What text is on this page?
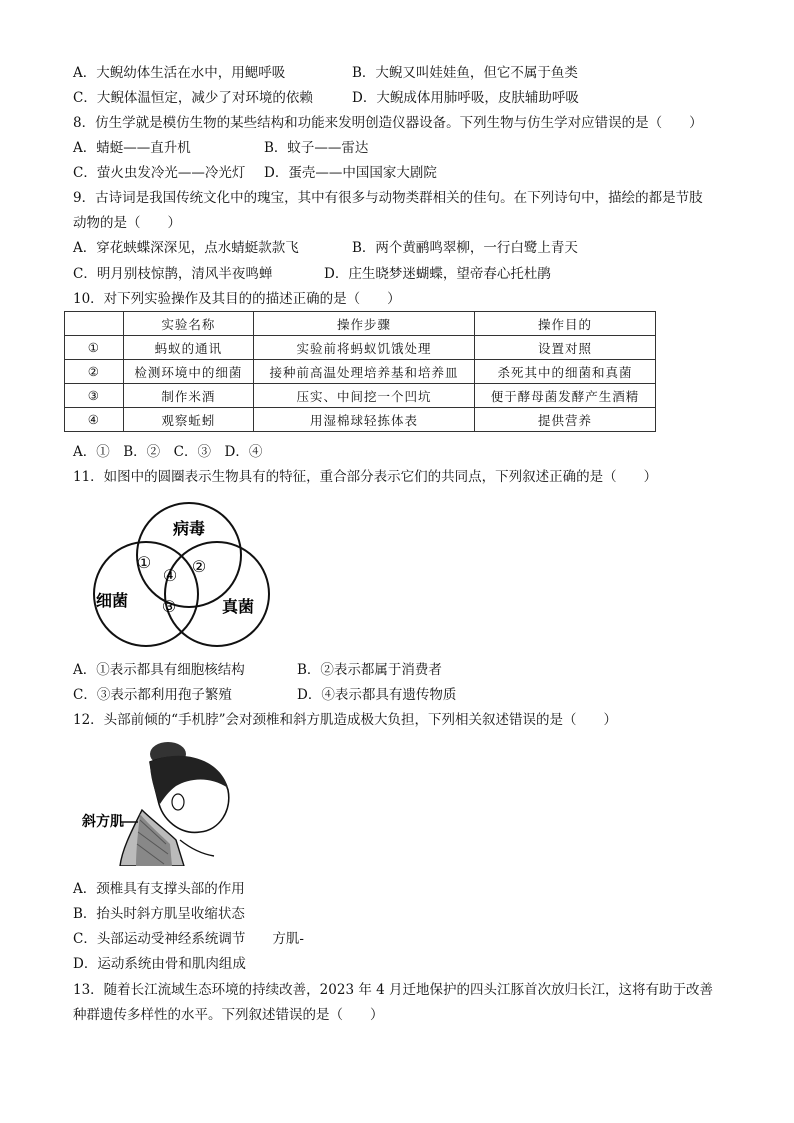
A．大鲵幼体生活在水中，用鳃呼吸	B．大鲵又叫娃娃鱼，但它不属于鱼类
C．大鲵体温恒定，减少了对环境的依赖	D．大鲵成体用肺呼吸，皮肤辅助呼吸
8．仿生学就是模仿生物的某些结构和功能来发明创造仪器设备。下列生物与仿生学对应错误的是（　　）
A．蜻蜓——直升机	B．蚊子——雷达
C．萤火虫发冷光——冷光灯 D．蛋壳——中国国家大剧院
9．古诗词是我国传统文化中的瑰宝，其中有很多与动物类群相关的佳句。在下列诗句中，描绘的都是节肢
动物的是（　　）
A．穿花蛱蝶深深见，点水蜻蜓款款飞	B．两个黄鹂鸣翠柳，一行白鹭上青天
C．明月别枝惊鹊，清风半夜鸣蝉	D．庄生晓梦迷蝴蝶，望帝春心托杜鹃
10．对下列实验操作及其目的的描述正确的是（　　）
	实验名称	操作步骤	操作目的
①	蚂蚁的通讯	实验前将蚂蚁饥饿处理	设置对照
②	检测环境中的细菌	接种前高温处理培养基和培养皿	杀死其中的细菌和真菌
③	制作米酒	压实、中间挖一个凹坑	便于酵母菌发酵产生酒精
④	观察蚯蚓	用湿棉球轻拣体表	提供营养
A．①　B．②　C．③　D．④
11．如图中的圆圈表示生物具有的特征，重合部分表示它们的共同点，下列叙述正确的是（　　）
病毒
细菌	真菌
①	②
③
④
A．①表示都具有细胞核结构	B．②表示都属于消费者
C．③表示都利用孢子繁殖	D．④表示都具有遗传物质
12．头部前倾的“手机脖”会对颈椎和斜方肌造成极大负担，下列相关叙述错误的是（　　）
斜方肌
A．颈椎具有支撑头部的作用
B．抬头时斜方肌呈收缩状态
C．头部运动受神经系统调节　　方肌-
D．运动系统由骨和肌肉组成
13．随着长江流域生态环境的持续改善，2023 年 4 月迁地保护的四头江豚首次放归长江，这将有助于改善
种群遗传多样性的水平。下列叙述错误的是（　　）
